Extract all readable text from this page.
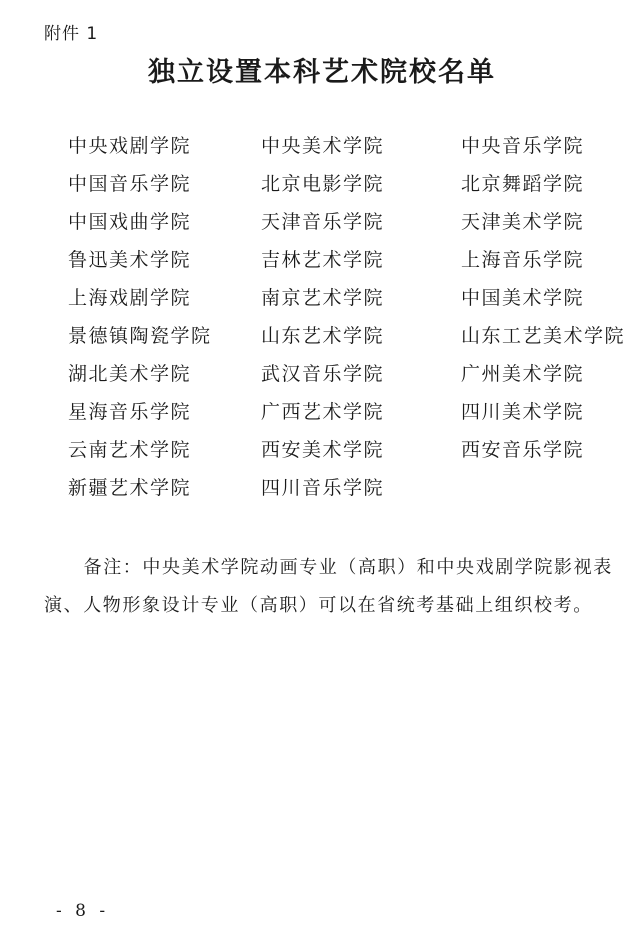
附件 1
独立设置本科艺术院校名单
中央戏剧学院
中国音乐学院
中国戏曲学院
鲁迅美术学院
上海戏剧学院
景德镇陶瓷学院
湖北美术学院
星海音乐学院
云南艺术学院
新疆艺术学院
中央美术学院
北京电影学院
天津音乐学院
吉林艺术学院
南京艺术学院
山东艺术学院
武汉音乐学院
广西艺术学院
西安美术学院
四川音乐学院
中央音乐学院
北京舞蹈学院
天津美术学院
上海音乐学院
中国美术学院
山东工艺美术学院
广州美术学院
四川美术学院
西安音乐学院
备注：中央美术学院动画专业（高职）和中央戏剧学院影视表演、人物形象设计专业（高职）可以在省统考基础上组织校考。
- 8 -
